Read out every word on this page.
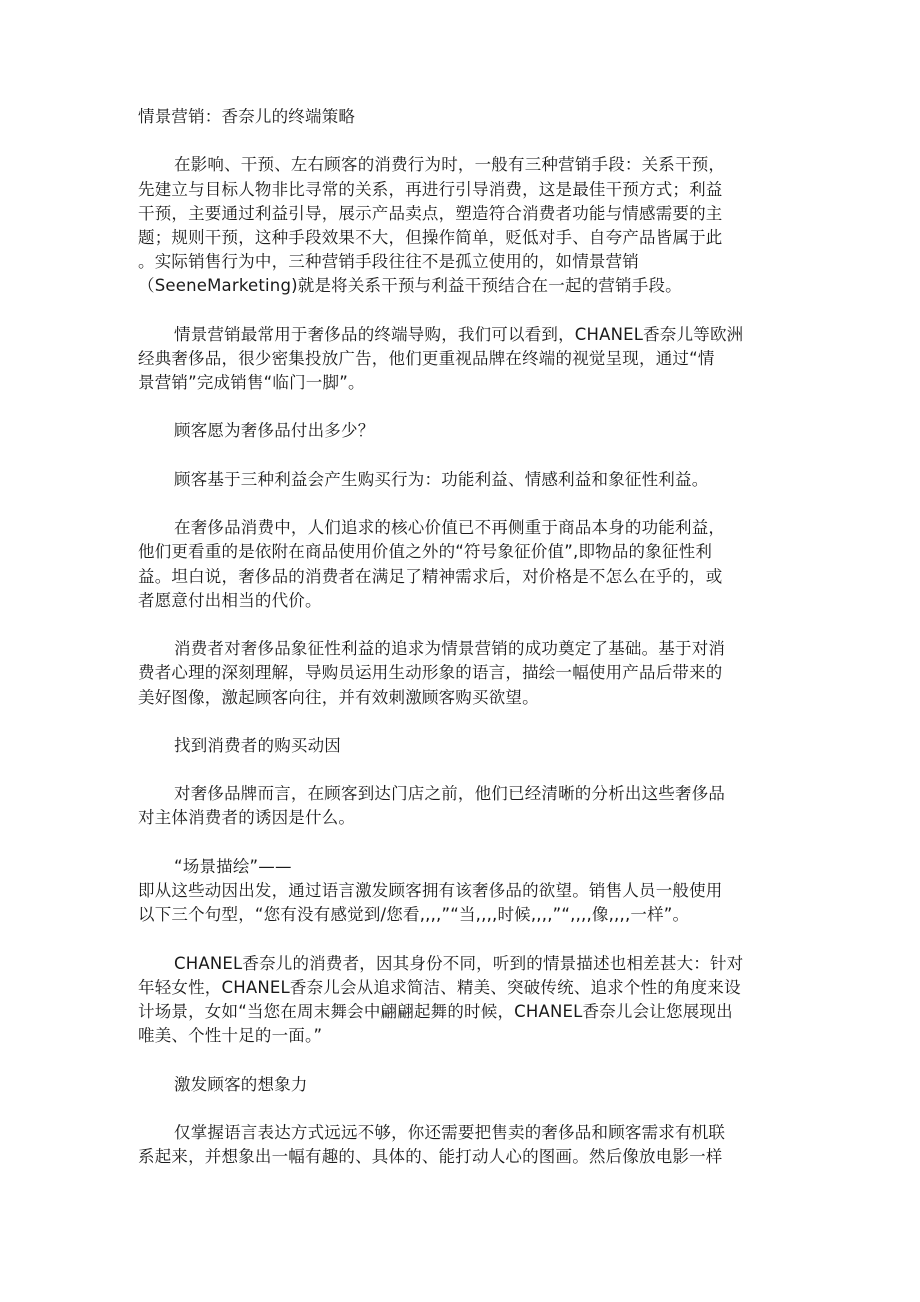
情景营销：香奈儿的终端策略
在影响、干预、左右顾客的消费行为时，一般有三种营销手段：关系干预，
先建立与目标人物非比寻常的关系，再进行引导消费，这是最佳干预方式；利益
干预，主要通过利益引导，展示产品卖点，塑造符合消费者功能与情感需要的主
题；规则干预，这种手段效果不大，但操作简单，贬低对手、自夸产品皆属于此
。实际销售行为中，三种营销手段往往不是孤立使用的，如情景营销
（SeeneMarketing)就是将关系干预与利益干预结合在一起的营销手段。
情景营销最常用于奢侈品的终端导购，我们可以看到，CHANEL香奈儿等欧洲
经典奢侈品，很少密集投放广告，他们更重视品牌在终端的视觉呈现，通过“情
景营销”完成销售“临门一脚”。
顾客愿为奢侈品付出多少？
顾客基于三种利益会产生购买行为：功能利益、情感利益和象征性利益。
在奢侈品消费中，人们追求的核心价值已不再侧重于商品本身的功能利益，
他们更看重的是依附在商品使用价值之外的“符号象征价值”,即物品的象征性利
益。坦白说，奢侈品的消费者在满足了精神需求后，对价格是不怎么在乎的，或
者愿意付出相当的代价。
消费者对奢侈品象征性利益的追求为情景营销的成功奠定了基础。基于对消
费者心理的深刻理解，导购员运用生动形象的语言，描绘一幅使用产品后带来的
美好图像，激起顾客向往，并有效刺激顾客购买欲望。
找到消费者的购买动因
对奢侈品牌而言，在顾客到达门店之前，他们已经清晰的分析出这些奢侈品
对主体消费者的诱因是什么。
“场景描绘”——
即从这些动因出发，通过语言激发顾客拥有该奢侈品的欲望。销售人员一般使用
以下三个句型，“您有没有感觉到/您看,,,,”“当,,,,时候,,,,”“,,,,像,,,,一样”。
CHANEL香奈儿的消费者，因其身份不同，听到的情景描述也相差甚大：针对
年轻女性，CHANEL香奈儿会从追求简洁、精美、突破传统、追求个性的角度来设
计场景，女如“当您在周末舞会中翩翩起舞的时候，CHANEL香奈儿会让您展现出
唯美、个性十足的一面。”
激发顾客的想象力
仅掌握语言表达方式远远不够，你还需要把售卖的奢侈品和顾客需求有机联
系起来，并想象出一幅有趣的、具体的、能打动人心的图画。然后像放电影一样
